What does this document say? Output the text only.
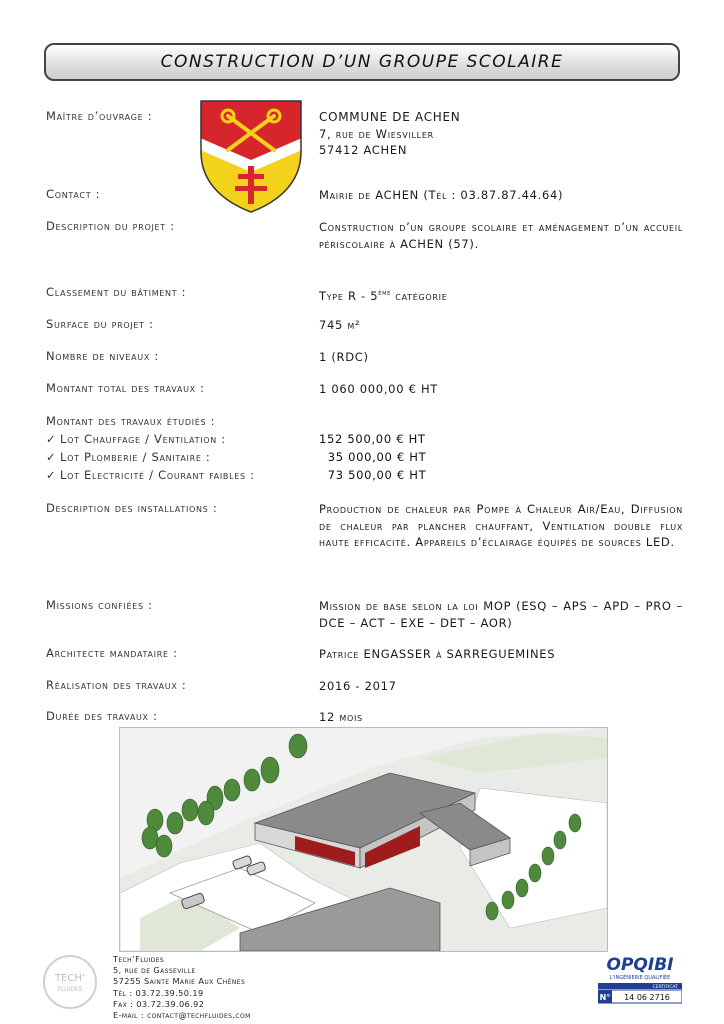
CONSTRUCTION D’UN GROUPE SCOLAIRE
Maître d’ouvrage :	COMMUNE DE ACHEN
7, rue de Wiesviller
57412 ACHEN
Contact :	Mairie de ACHEN (Tél : 03.87.87.44.64)
Description du projet :	Construction d’un groupe scolaire et aménagement d’un accueil périscolaire à ACHEN (57).
Classement du bâtiment :	Type R - 5ème catégorie
Surface du projet :	745 m²
Nombre de niveaux :	1 (RDC)
Montant total des travaux :	1 060 000,00 € HT
Montant des travaux étudiés :
✓ Lot Chauffage / Ventilation :	152 500,00 € HT
✓ Lot Plomberie / Sanitaire :	35 000,00 € HT
✓ Lot Electricité / Courant faibles :	73 500,00 € HT
Description des installations :	Production de chaleur par Pompe à Chaleur Air/Eau, Diffusion de chaleur par plancher chauffant, Ventilation double flux haute efficacité. Appareils d’éclairage équipés de sources LED.
Missions confiées :	Mission de base selon la loi MOP (ESQ – APS – APD – PRO – DCE – ACT – EXE – DET – AOR)
Architecte mandataire :	Patrice ENGASSER à SARREGUEMINES
Réalisation des travaux :	2016 - 2017
Durée des travaux :	12 mois
TECH’
FLUIDES
Tech’Fluides
5, rue de Gasseville
57255 Sainte Marie Aux Chênes
Tél : 03.72.39.50.19
Fax : 03.72.39.06.92
E-mail : contact@techfluides.com
OPQIBI
L’INGÉNIERIE QUALIFIÉE
CERTIFICAT
N° 14 06 2716
